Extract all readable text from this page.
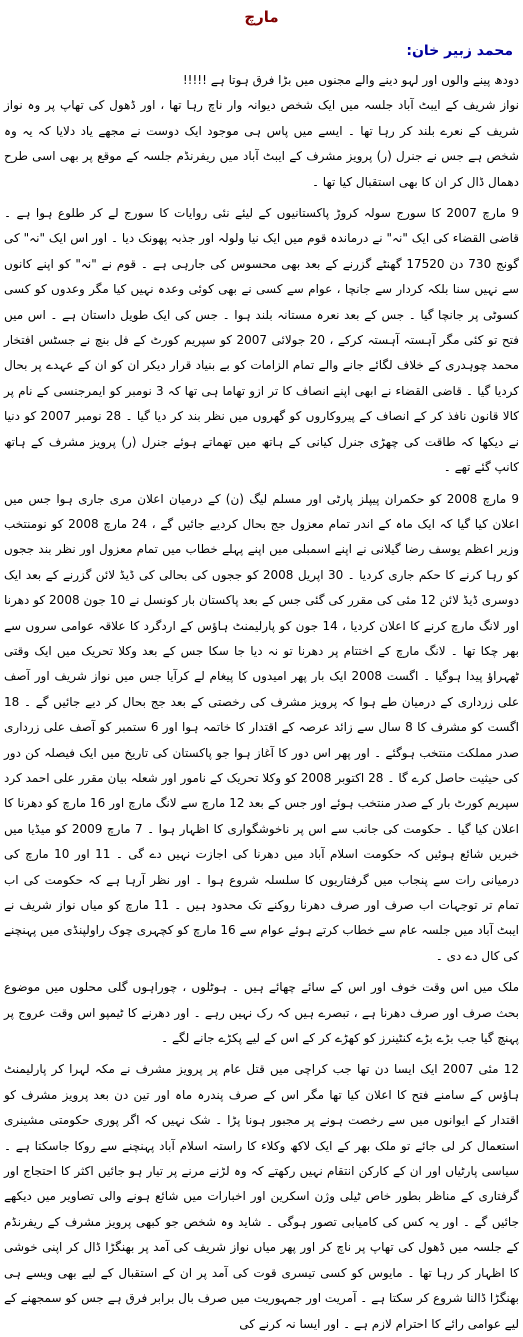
مارچ
محمد زبیر خان:

دودھ پینے والوں اور لہو دینے والے مجنوں میں بڑا فرق ہوتا ہے !!!!!

نواز شریف کے ایبٹ آباد جلسہ میں ایک شخص دیوانہ وار ناچ رہا تھا ، اور ڈھول کی تھاپ پر وہ نواز شریف کے نعرے بلند کر رہا تھا ۔ ایسے میں پاس ہی موجود ایک دوست نے مجھے یاد دلایا کہ یہ وہ شخص ہے جس نے جنرل (ر) پرویز مشرف کے ایبٹ آباد میں ریفرنڈم جلسہ کے موقع پر بھی اسی طرح دھمال ڈال کر ان کا بھی استقبال کیا تھا ۔

9 مارچ 2007 کا سورج سولہ کروڑ پاکستانیوں کے لیئے نئی روایات کا سورج لے کر طلوع ہوا ہے ۔ قاضی القضاء کی ایک "نہ" نے درماندہ قوم میں ایک نیا ولولہ اور جذبہ پھونک دیا ۔ اور اس ایک "نہ" کی گونج 730 دن 17520 گھنٹے گزرنے کے بعد بھی محسوس کی جارہی ہے ۔ قوم نے "نہ" کو اپنے کانوں سے نہیں سنا بلکہ کردار سے جانچا ، عوام سے کسی نے بھی کوئی وعدہ نہیں کیا مگر وعدوں کو کسی کسوٹی پر جانچا گیا ۔ جس کے بعد نعرہ مستانہ بلند ہوا ۔ جس کی ایک طویل داستان ہے ۔ اس میں فتح تو کئی مگر آہستہ آہستہ کرکے ، 20 جولائی 2007 کو سپریم کورٹ کے فل بنچ نے جسٹس افتخار محمد چوہدری کے خلاف لگائے جانے والے تمام الزامات کو بے بنیاد قرار دیکر ان کو ان کے عہدے پر بحال کردیا گیا ۔ قاضی القضاء نے ابھی اپنے انصاف کا تر ازو تھاما ہی تھا کہ 3 نومبر کو ایمرجنسی کے نام پر کالا قانون نافذ کر کے انصاف کے پیروکاروں کو گھروں میں نظر بند کر دیا گیا ۔ 28 نومبر 2007 کو دنیا نے دیکھا کہ طاقت کی چھڑی جنرل کیانی کے ہاتھ میں تھماتے ہوئے جنرل (ر) پرویز مشرف کے ہاتھ کانپ گئے تھے ۔

9 مارچ 2008 کو حکمران پیپلز پارٹی اور مسلم لیگ (ن) کے درمیان اعلان مری جاری ہوا جس میں اعلان کیا گیا کہ ایک ماہ کے اندر تمام معزول جج بحال کردیے جائیں گے ، 24 مارچ 2008 کو نومنتخب وزیر اعظم یوسف رضا گیلانی نے اپنے اسمبلی میں اپنے پہلے خطاب میں تمام معزول اور نظر بند ججوں کو رہا کرنے کا حکم جاری کردیا ۔ 30 اپریل 2008 کو ججوں کی بحالی کی ڈیڈ لائن گزرنے کے بعد ایک دوسری ڈیڈ لائن 12 مئی کی مقرر کی گئی جس کے بعد پاکستان بار کونسل نے 10 جون 2008 کو دھرنا اور لانگ مارچ کرنے کا اعلان کردیا ، 14 جون کو پارلیمنٹ ہاؤس کے اردگرد کا علاقہ عوامی سروں سے بھر چکا تھا ۔ لانگ مارچ کے اختتام پر دھرنا تو نہ دیا جا سکا جس کے بعد وکلا تحریک میں ایک وقتی ٹھہراؤ پیدا ہوگیا ۔ اگست 2008 ایک بار پھر امیدوں کا پیغام لے کرآیا جس میں نواز شریف اور آصف علی زرداری کے درمیان طے ہوا کہ پرویز مشرف کی رخصتی کے بعد جج بحال کر دیے جائیں گے ۔ 18 اگست کو مشرف کا 8 سال سے زائد عرصہ کے اقتدار کا خاتمہ ہوا اور 6 ستمبر کو آصف علی زرداری صدر مملکت منتخب ہوگئے ۔ اور پھر اس دور کا آغاز ہوا جو پاکستان کی تاریخ میں ایک فیصلہ کن دور کی حیثیت حاصل کرے گا ۔ 28 اکتوبر 2008 کو وکلا تحریک کے نامور اور شعلہ بیان مقرر علی احمد کرد سپریم کورٹ بار کے صدر منتخب ہوئے اور جس کے بعد 12 مارچ سے لانگ مارچ اور 16 مارچ کو دھرنا کا اعلان کیا گیا ۔ حکومت کی جانب سے اس پر ناخوشگواری کا اظہار ہوا ۔ 7 مارچ 2009 کو میڈیا میں خبریں شائع ہوئیں کہ حکومت اسلام آباد میں دھرنا کی اجازت نہیں دے گی ۔ 11 اور 10 مارچ کی درمیانی رات سے پنجاب میں گرفتاریوں کا سلسلہ شروع ہوا ۔ اور نظر آرہا ہے کہ حکومت کی اب تمام تر توجہات اب صرف اور صرف دھرنا روکنے تک محدود ہیں ۔ 11 مارچ کو میاں نواز شریف نے ایبٹ آباد میں جلسہ عام سے خطاب کرتے ہوئے عوام سے 16 مارچ کو کچہری چوک راولپنڈی میں پہنچنے کی کال دے دی ۔

ملک میں اس وقت خوف اور اس کے سائے چھائے ہیں ۔ ہوٹلوں ، چوراہوں گلی محلوں میں موضوع بحث صرف اور صرف دھرنا ہے ، تبصرے ہیں کہ رک نہیں رہے ۔ اور دھرنے کا ٹیمپو اس وقت عروج پر پہنچ گیا جب بڑے بڑے کنٹینرز کو کھڑے کر کے اس کے لیے پکڑے جانے لگے ۔

12 مئی 2007 ایک ایسا دن تھا جب کراچی میں قتل عام پر پرویز مشرف نے مکہ لہرا کر پارلیمنٹ ہاؤس کے سامنے فتح کا اعلان کیا تھا مگر اس کے صرف پندرہ ماہ اور تین دن بعد پرویز مشرف کو اقتدار کے ایوانوں میں سے رخصت ہونے پر مجبور ہونا پڑا ۔ شک نہیں کہ اگر پوری حکومتی مشینری استعمال کر لی جائے تو ملک بھر کے ایک لاکھ وکلاء کا راستہ اسلام آباد پہنچنے سے روکا جاسکتا ہے ۔ سیاسی پارٹیاں اور ان کے کارکن انتقام نہیں رکھتے کہ وہ لڑنے مرنے پر تیار ہو جائیں اکثر کا احتجاج اور گرفتاری کے مناظر بطور خاص ٹیلی وژن اسکرین اور اخبارات میں شائع ہونے والی تصاویر میں دیکھے جائیں گے ۔ اور یہ کس کی کامیابی تصور ہوگی ۔ شاید وہ شخص جو کبھی پرویز مشرف کے ریفرنڈم کے جلسہ میں ڈھول کی تھاپ پر ناچ کر اور پھر میاں نواز شریف کی آمد پر بھنگڑا ڈال کر اپنی خوشی کا اظہار کر رہا تھا ۔ مایوس کو کسی تیسری قوت کی آمد پر ان کے استقبال کے لیے بھی ویسے ہی بھنگڑا ڈالنا شروع کر سکتا ہے ۔ آمریت اور جمہوریت میں صرف بال برابر فرق ہے جس کو سمجھنے کے لیے عوامی رائے کا احترام لازم ہے ۔ اور ایسا نہ کرنے کی
